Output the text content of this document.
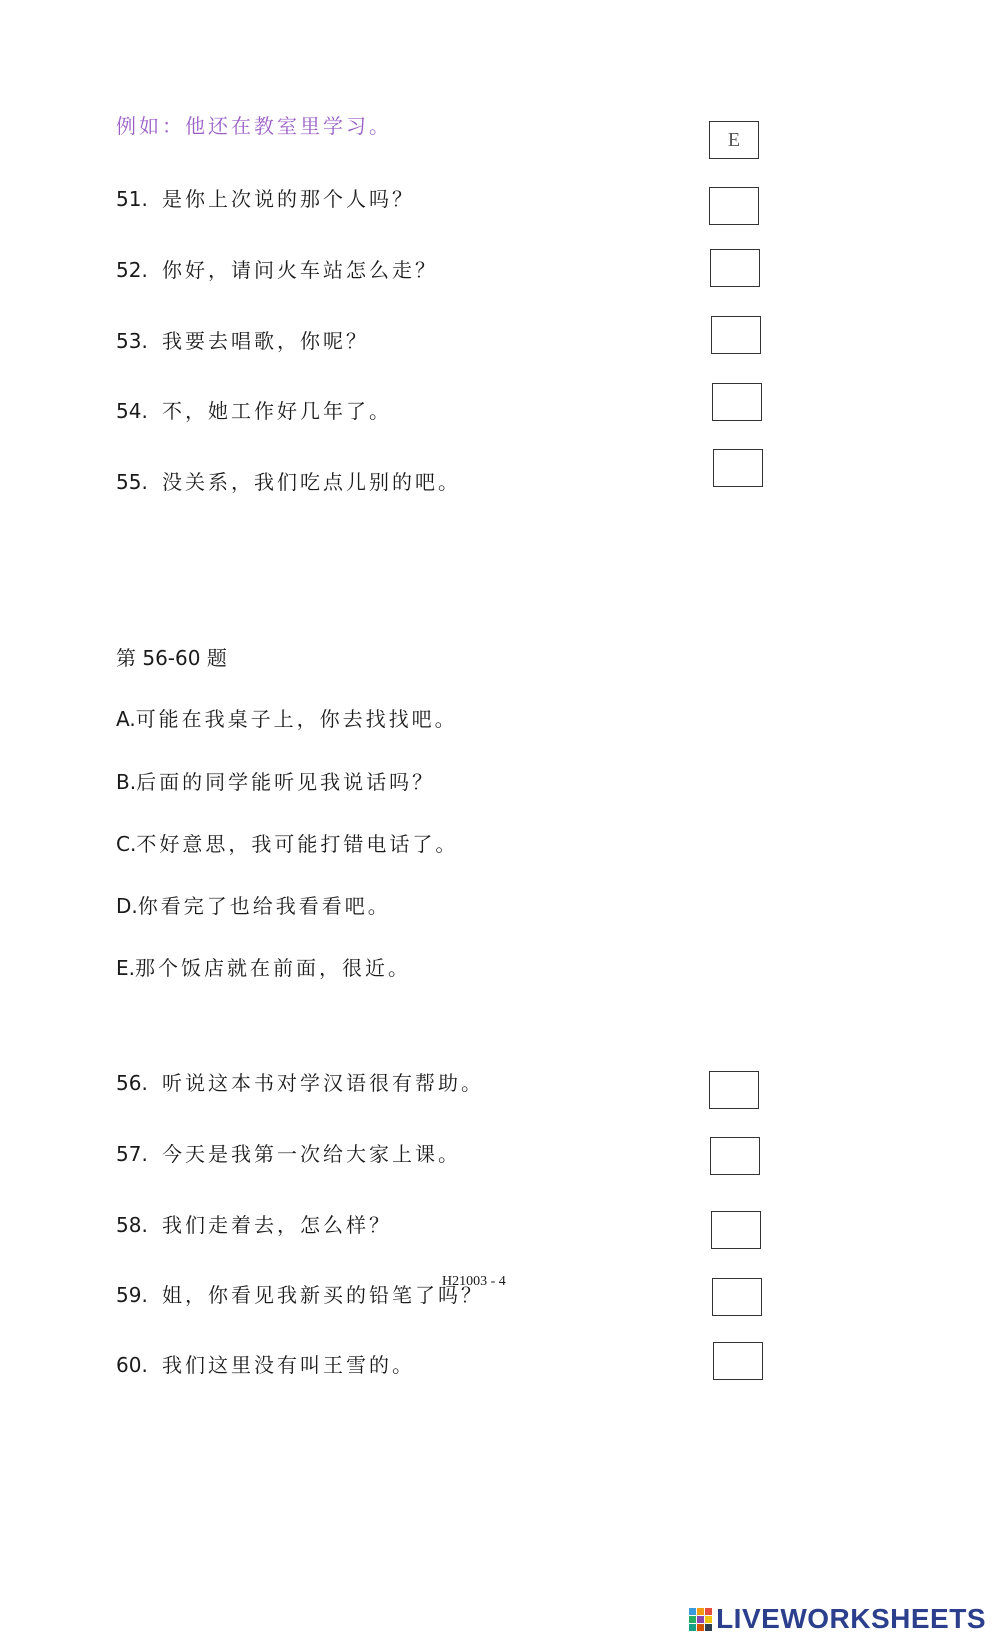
例如：他还在教室里学习。
E
51. 是你上次说的那个人吗？
52. 你好，请问火车站怎么走？
53. 我要去唱歌，你呢？
54. 不，她工作好几年了。
55. 没关系，我们吃点儿别的吧。
第 56-60 题
A.可能在我桌子上，你去找找吧。
B.后面的同学能听见我说话吗？
C.不好意思，我可能打错电话了。
D.你看完了也给我看看吧。
E.那个饭店就在前面，很近。
56. 听说这本书对学汉语很有帮助。
57. 今天是我第一次给大家上课。
58. 我们走着去，怎么样？
H21003 - 4
59. 姐，你看见我新买的铅笔了吗？
60. 我们这里没有叫王雪的。
LIVEWORKSHEETS
